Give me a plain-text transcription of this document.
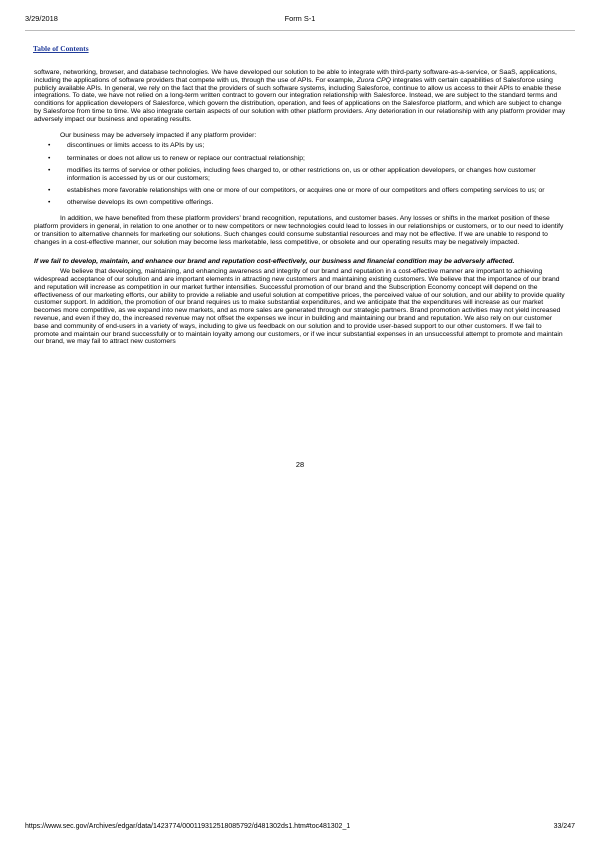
3/29/2018	Form S-1
Table of Contents

software, networking, browser, and database technologies. We have developed our solution to be able to integrate with third-party software-as-a-service, or SaaS, applications, including the applications of software providers that compete with us, through the use of APIs. For example, Zuora CPQ integrates with certain capabilities of Salesforce using publicly available APIs. In general, we rely on the fact that the providers of such software systems, including Salesforce, continue to allow us access to their APIs to enable these integrations. To date, we have not relied on a long-term written contract to govern our integration relationship with Salesforce. Instead, we are subject to the standard terms and conditions for application developers of Salesforce, which govern the distribution, operation, and fees of applications on the Salesforce platform, and which are subject to change by Salesforce from time to time. We also integrate certain aspects of our solution with other platform providers. Any deterioration in our relationship with any platform provider may adversely impact our business and operating results.

Our business may be adversely impacted if any platform provider:

• discontinues or limits access to its APIs by us;
• terminates or does not allow us to renew or replace our contractual relationship;
• modifies its terms of service or other policies, including fees charged to, or other restrictions on, us or other application developers, or changes how customer information is accessed by us or our customers;
• establishes more favorable relationships with one or more of our competitors, or acquires one or more of our competitors and offers competing services to us; or
• otherwise develops its own competitive offerings.

In addition, we have benefited from these platform providers’ brand recognition, reputations, and customer bases. Any losses or shifts in the market position of these platform providers in general, in relation to one another or to new competitors or new technologies could lead to losses in our relationships or customers, or to our need to identify or transition to alternative channels for marketing our solutions. Such changes could consume substantial resources and may not be effective. If we are unable to respond to changes in a cost-effective manner, our solution may become less marketable, less competitive, or obsolete and our operating results may be negatively impacted.

If we fail to develop, maintain, and enhance our brand and reputation cost-effectively, our business and financial condition may be adversely affected.

We believe that developing, maintaining, and enhancing awareness and integrity of our brand and reputation in a cost-effective manner are important to achieving widespread acceptance of our solution and are important elements in attracting new customers and maintaining existing customers. We believe that the importance of our brand and reputation will increase as competition in our market further intensifies. Successful promotion of our brand and the Subscription Economy concept will depend on the effectiveness of our marketing efforts, our ability to provide a reliable and useful solution at competitive prices, the perceived value of our solution, and our ability to provide quality customer support. In addition, the promotion of our brand requires us to make substantial expenditures, and we anticipate that the expenditures will increase as our market becomes more competitive, as we expand into new markets, and as more sales are generated through our strategic partners. Brand promotion activities may not yield increased revenue, and even if they do, the increased revenue may not offset the expenses we incur in building and maintaining our brand and reputation. We also rely on our customer base and community of end-users in a variety of ways, including to give us feedback on our solution and to provide user-based support to our other customers. If we fail to promote and maintain our brand successfully or to maintain loyalty among our customers, or if we incur substantial expenses in an unsuccessful attempt to promote and maintain our brand, we may fail to attract new customers

28
https://www.sec.gov/Archives/edgar/data/1423774/000119312518085792/d481302ds1.htm#toc481302_1	33/247
